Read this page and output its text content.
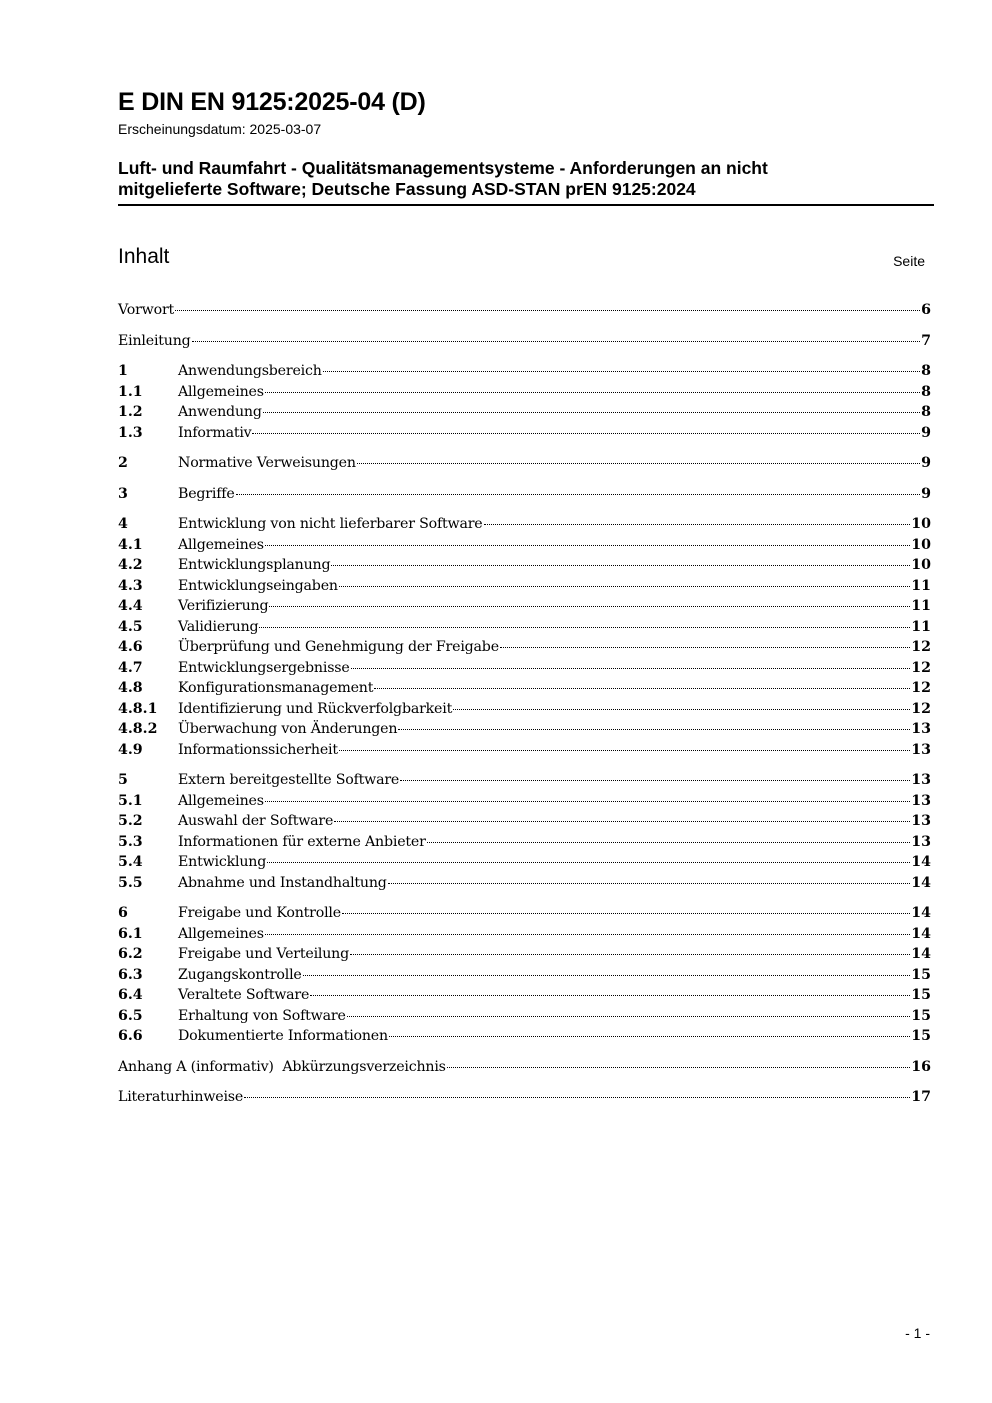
E DIN EN 9125:2025-04 (D)
Erscheinungsdatum: 2025-03-07
Luft- und Raumfahrt - Qualitätsmanagementsysteme - Anforderungen an nicht
mitgelieferte Software; Deutsche Fassung ASD-STAN prEN 9125:2024
Inhalt	Seite
Vorwort	6
Einleitung	7
1	Anwendungsbereich	8
1.1	Allgemeines	8
1.2	Anwendung	8
1.3	Informativ	9
2	Normative Verweisungen	9
3	Begriffe	9
4	Entwicklung von nicht lieferbarer Software	10
4.1	Allgemeines	10
4.2	Entwicklungsplanung	10
4.3	Entwicklungseingaben	11
4.4	Verifizierung	11
4.5	Validierung	11
4.6	Überprüfung und Genehmigung der Freigabe	12
4.7	Entwicklungsergebnisse	12
4.8	Konfigurationsmanagement	12
4.8.1	Identifizierung und Rückverfolgbarkeit	12
4.8.2	Überwachung von Änderungen	13
4.9	Informationssicherheit	13
5	Extern bereitgestellte Software	13
5.1	Allgemeines	13
5.2	Auswahl der Software	13
5.3	Informationen für externe Anbieter	13
5.4	Entwicklung	14
5.5	Abnahme und Instandhaltung	14
6	Freigabe und Kontrolle	14
6.1	Allgemeines	14
6.2	Freigabe und Verteilung	14
6.3	Zugangskontrolle	15
6.4	Veraltete Software	15
6.5	Erhaltung von Software	15
6.6	Dokumentierte Informationen	15
Anhang A (informativ)  Abkürzungsverzeichnis	16
Literaturhinweise	17
- 1 -
